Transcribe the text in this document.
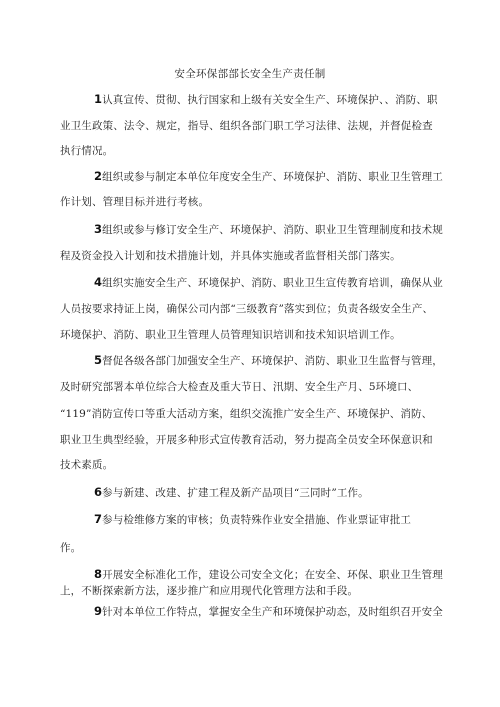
安全环保部部长安全生产责任制
1认真宣传、贯彻、执行国家和上级有关安全生产、环境保护、、消防、职
业卫生政策、法令、规定，指导、组织各部门职工学习法律、法规，并督促检查
执行情况。
2组织或参与制定本单位年度安全生产、环境保护、消防、职业卫生管理工
作计划、管理目标并进行考核。
3组织或参与修订安全生产、环境保护、消防、职业卫生管理制度和技术规
程及资金投入计划和技术措施计划，并具体实施或者监督相关部门落实。
4组织实施安全生产、环境保护、消防、职业卫生宣传教育培训，确保从业
人员按要求持证上岗，确保公司内部“三级教育”落实到位；负责各级安全生产、
环境保护、消防、职业卫生管理人员管理知识培训和技术知识培训工作。
5督促各级各部门加强安全生产、环境保护、消防、职业卫生监督与管理，
及时研究部署本单位综合大检查及重大节日、汛期、安全生产月、5环境口、
“119”消防宣传口等重大活动方案，组织交流推广安全生产、环境保护、消防、
职业卫生典型经验，开展多种形式宣传教育活动，努力提高全员安全环保意识和
技术素质。
6参与新建、改建、扩建工程及新产品项目“三同时”工作。
7参与检维修方案的审核；负责特殊作业安全措施、作业票证审批工
作。
8开展安全标准化工作，建设公司安全文化；在安全、环保、职业卫生管理
上，不断探索新方法，逐步推广和应用现代化管理方法和手段。
9针对本单位工作特点，掌握安全生产和环境保护动态，及时组织召开安全
